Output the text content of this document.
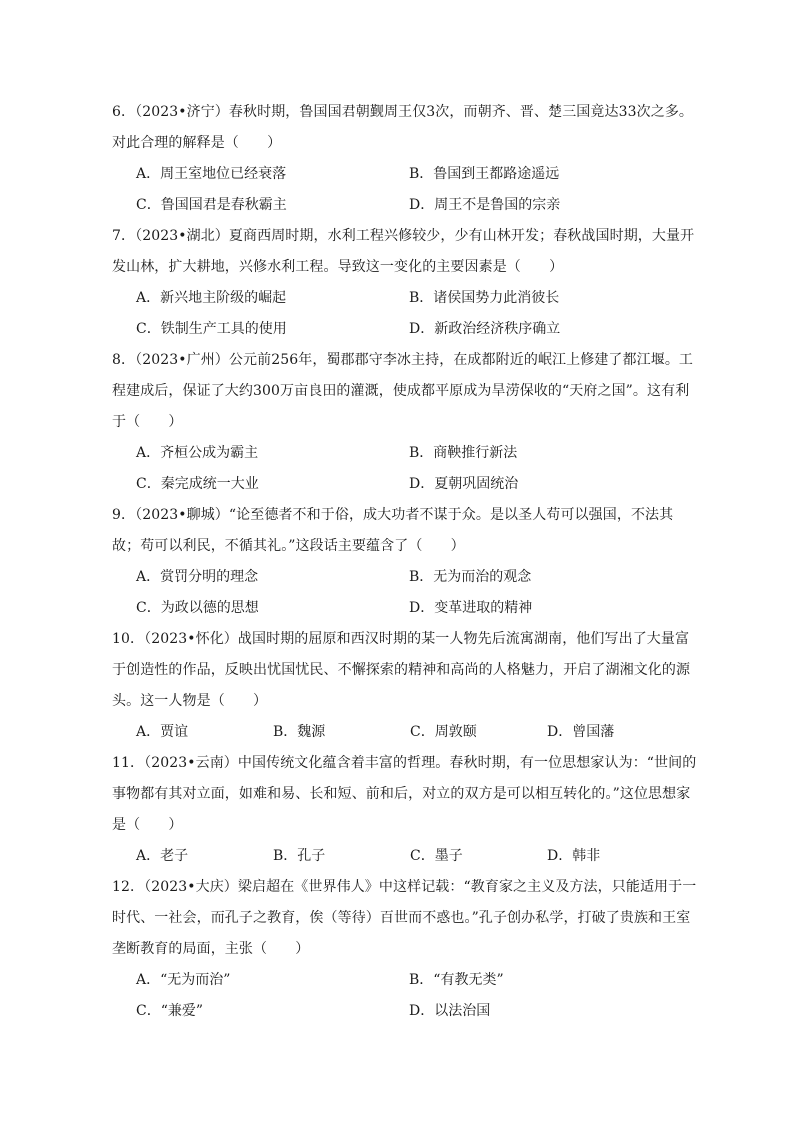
6．（2023•济宁）春秋时期，鲁国国君朝觐周王仅3次，而朝齐、晋、楚三国竟达33次之多。对此合理的解释是（　　）

A．周王室地位已经衰落	B．鲁国到王都路途遥远
C．鲁国国君是春秋霸主	D．周王不是鲁国的宗亲

7．（2023•湖北）夏商西周时期，水利工程兴修较少，少有山林开发；春秋战国时期，大量开发山林，扩大耕地，兴修水利工程。导致这一变化的主要因素是（　　）

A．新兴地主阶级的崛起	B．诸侯国势力此消彼长
C．铁制生产工具的使用	D．新政治经济秩序确立

8．（2023•广州）公元前256年，蜀郡郡守李冰主持，在成都附近的岷江上修建了都江堰。工程建成后，保证了大约300万亩良田的灌溉，使成都平原成为旱涝保收的“天府之国”。这有利于（　　）

A．齐桓公成为霸主	B．商鞅推行新法
C．秦完成统一大业	D．夏朝巩固统治

9．（2023•聊城）“论至德者不和于俗，成大功者不谋于众。是以圣人苟可以强国，不法其故；苟可以利民，不循其礼。”这段话主要蕴含了（　　）

A．赏罚分明的理念	B．无为而治的观念
C．为政以德的思想	D．变革进取的精神

10．（2023•怀化）战国时期的屈原和西汉时期的某一人物先后流寓湖南，他们写出了大量富于创造性的作品，反映出忧国忧民、不懈探索的精神和高尚的人格魅力，开启了湖湘文化的源头。这一人物是（　　）

A．贾谊	B．魏源	C．周敦颐	D．曾国藩

11．（2023•云南）中国传统文化蕴含着丰富的哲理。春秋时期，有一位思想家认为：“世间的事物都有其对立面，如难和易、长和短、前和后，对立的双方是可以相互转化的。”这位思想家是（　　）

A．老子	B．孔子	C．墨子	D．韩非

12．（2023•大庆）梁启超在《世界伟人》中这样记载：“教育家之主义及方法，只能适用于一时代、一社会，而孔子之教育，俟（等待）百世而不惑也。”孔子创办私学，打破了贵族和王室垄断教育的局面，主张（　　）

A．“无为而治”	B．“有教无类”
C．“兼爱”	D．以法治国
